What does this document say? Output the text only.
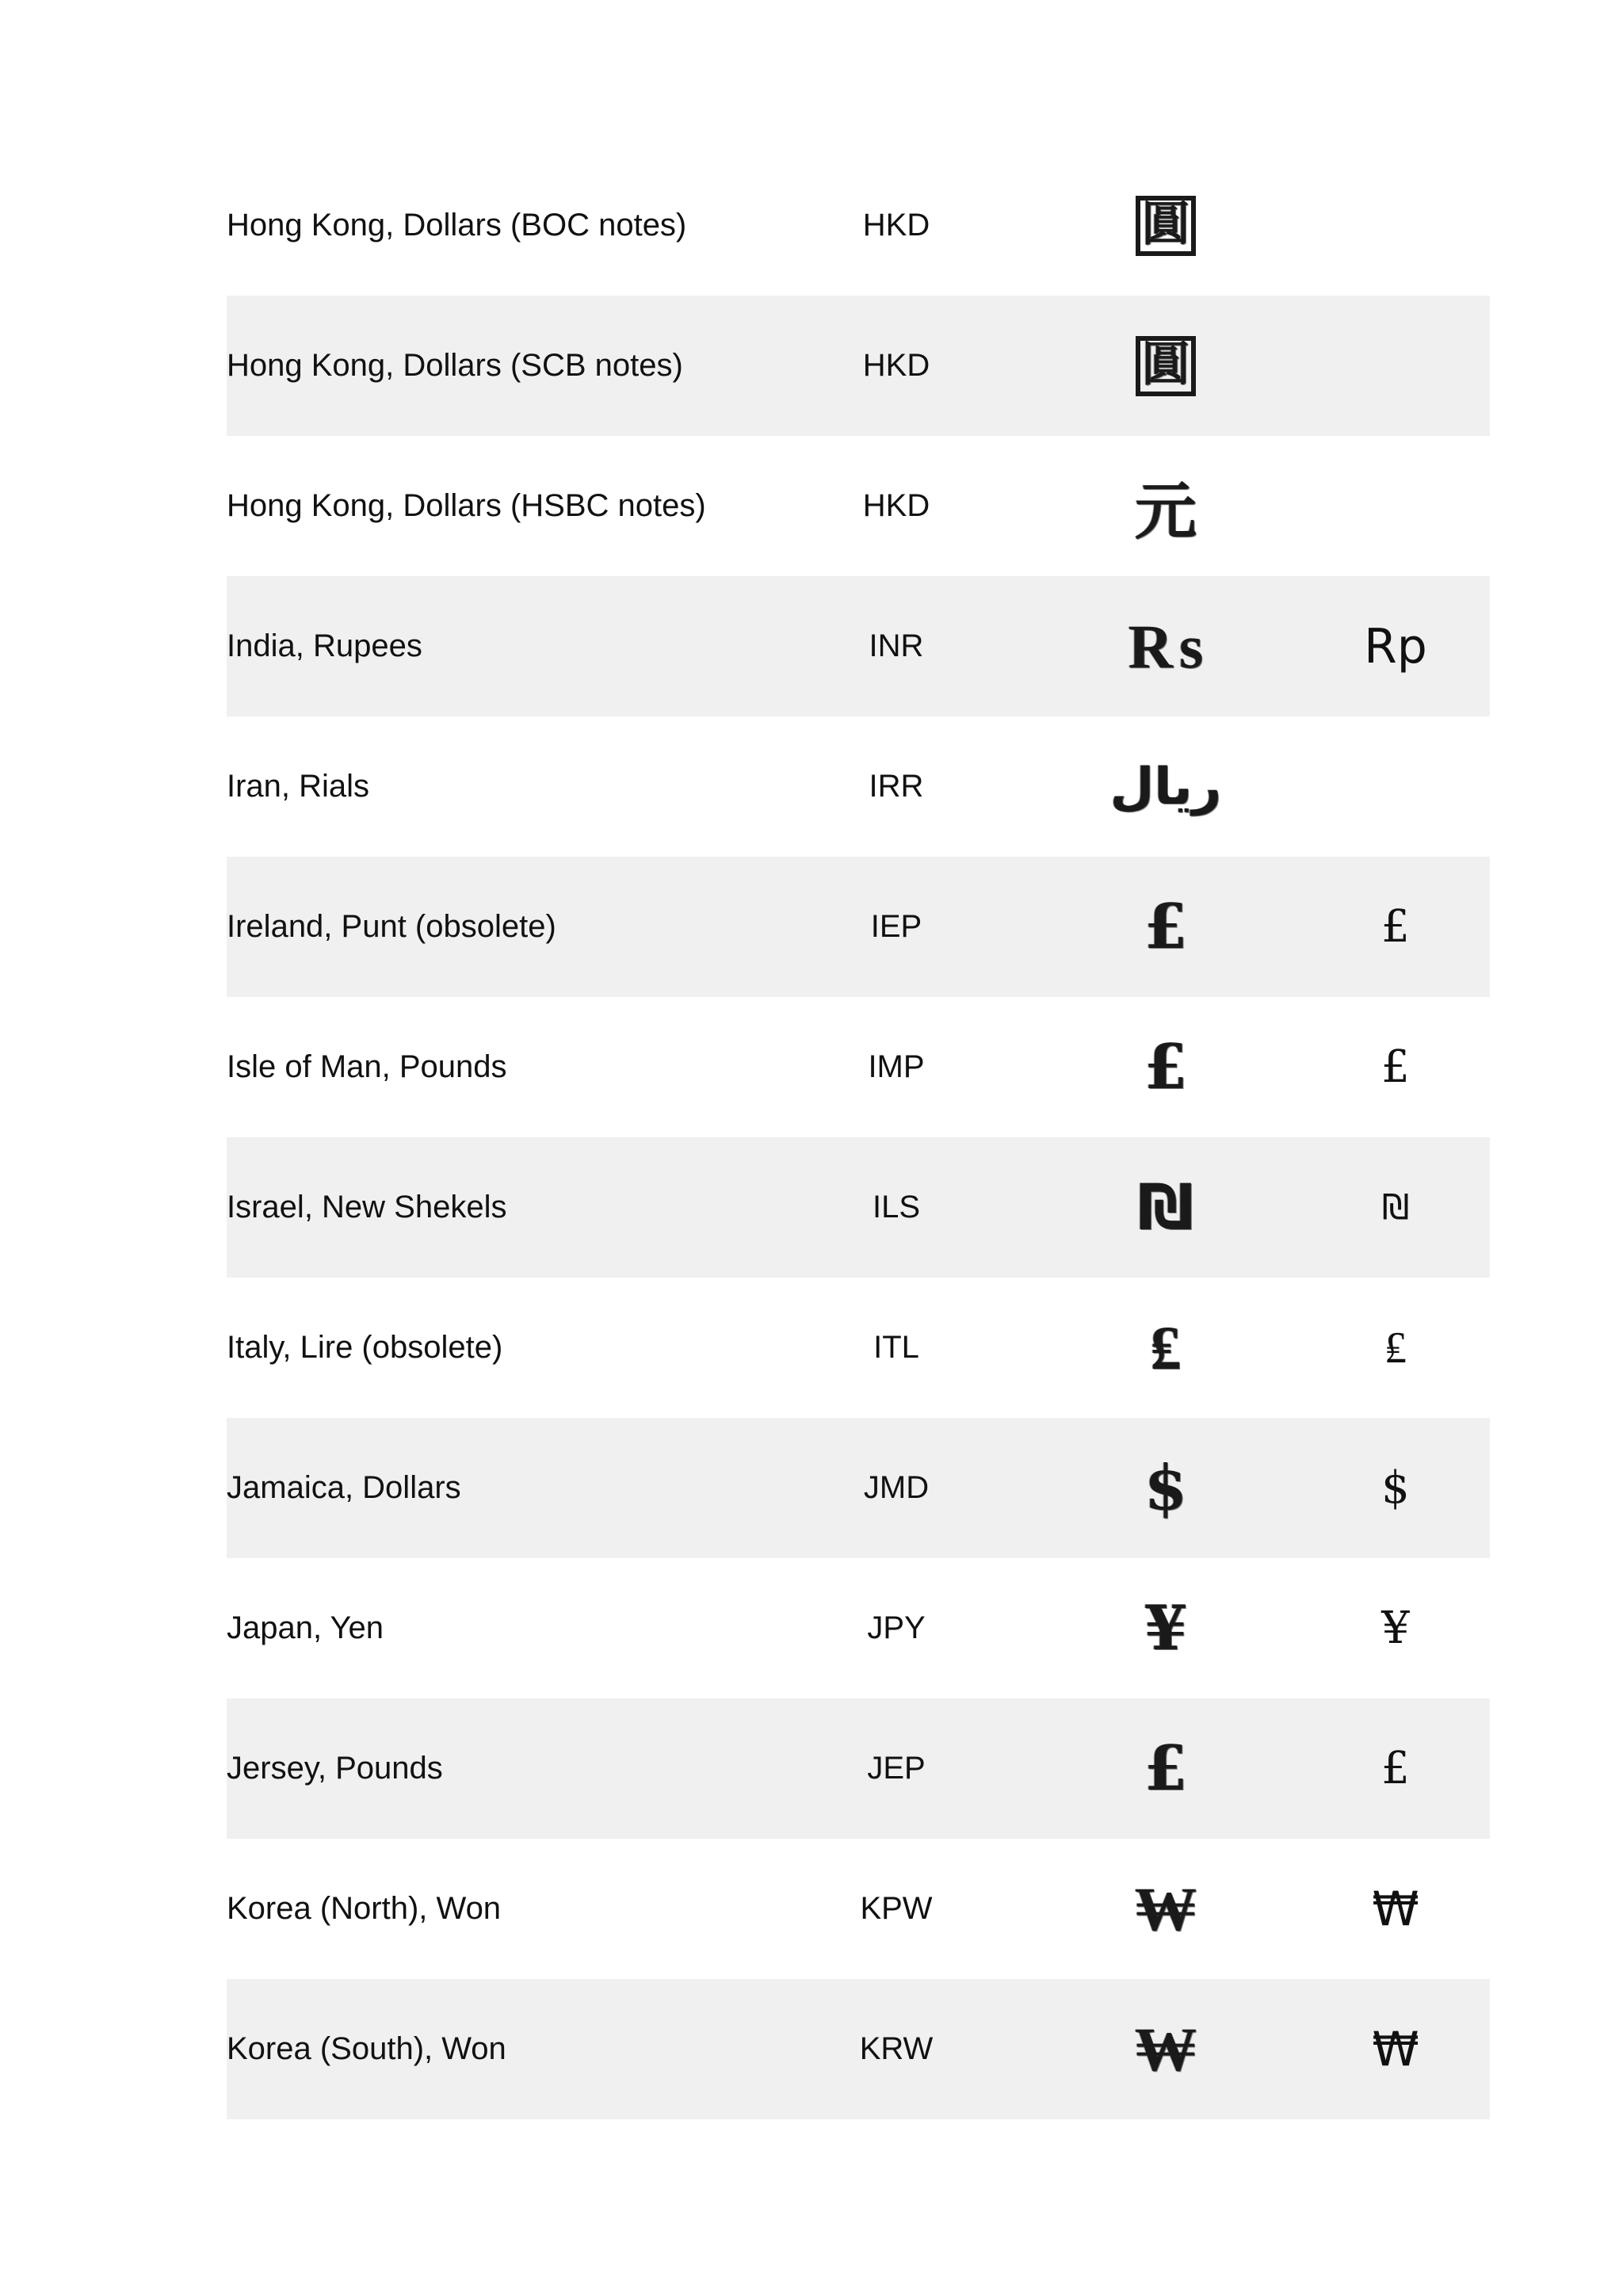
Hong Kong, Dollars (BOC notes)	HKD	圓
Hong Kong, Dollars (SCB notes)	HKD	圓
Hong Kong, Dollars (HSBC notes)	HKD	元
India, Rupees	INR	₨	Rp
Iran, Rials	IRR	ریال
Ireland, Punt (obsolete)	IEP	£	£
Isle of Man, Pounds	IMP	£	£
Israel, New Shekels	ILS	₪	₪
Italy, Lire (obsolete)	ITL	₤	₤
Jamaica, Dollars	JMD	$	$
Japan, Yen	JPY	¥	¥
Jersey, Pounds	JEP	£	£
Korea (North), Won	KPW	₩	₩
Korea (South), Won	KRW	₩	₩
